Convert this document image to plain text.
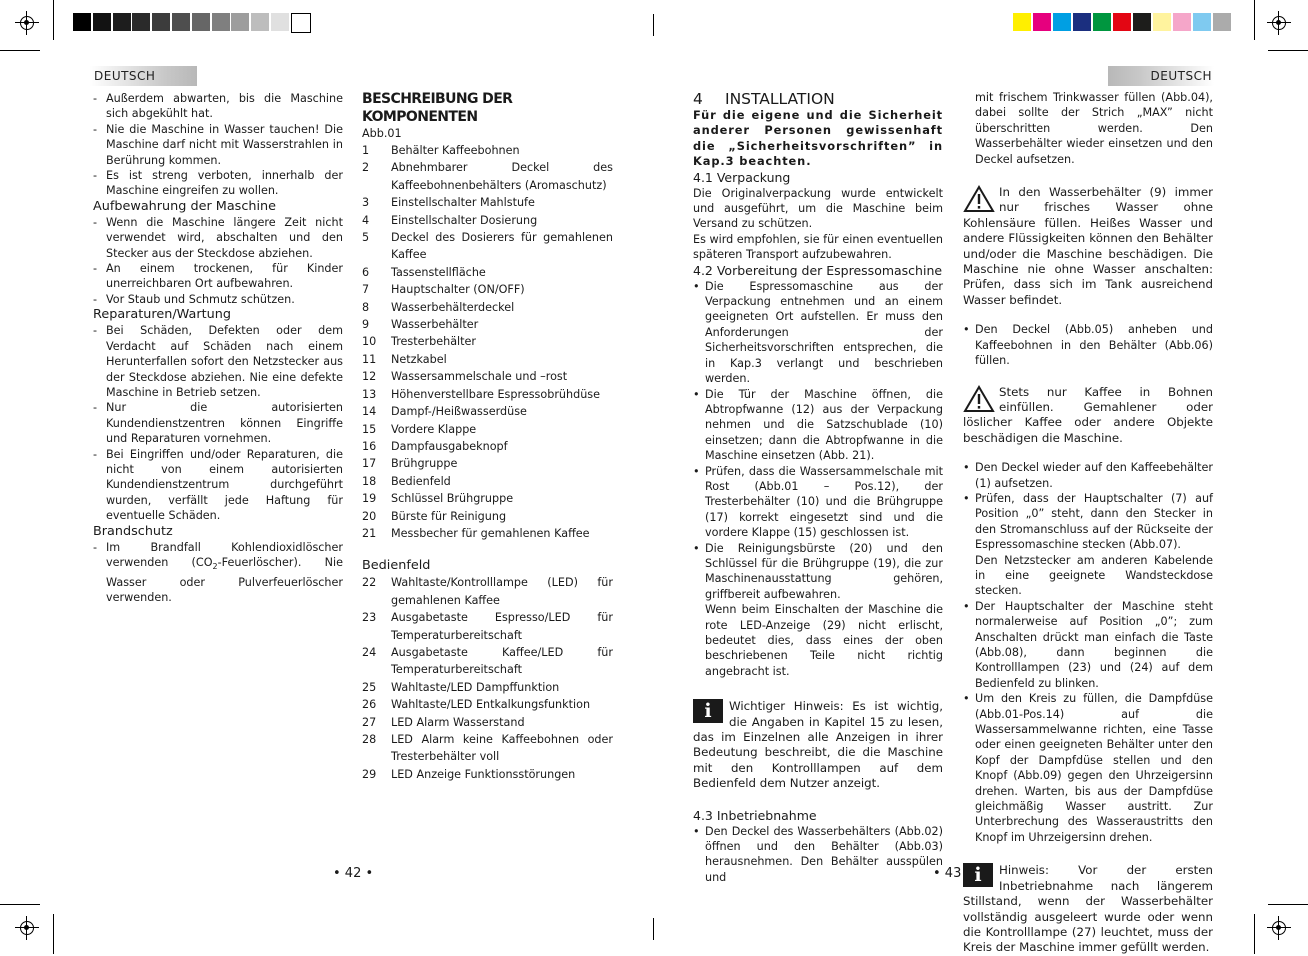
DEUTSCH	DEUTSCH
- Außerdem abwarten, bis die Maschine sich abgekühlt hat.
- Nie die Maschine in Wasser tauchen! Die Maschine darf nicht mit Wasserstrahlen in Berührung kommen.
- Es ist streng verboten, innerhalb der Maschine eingreifen zu wollen.

Aufbewahrung der Maschine

- Wenn die Maschine längere Zeit nicht verwendet wird, abschalten und den Stecker aus der Steckdose abziehen.
- An einem trockenen, für Kinder unerreichbaren Ort aufbewahren.
- Vor Staub und Schmutz schützen.

Reparaturen/Wartung

- Bei Schäden, Defekten oder dem Verdacht auf Schäden nach einem Herunterfallen sofort den Netzstecker aus der Steckdose abziehen. Nie eine defekte Maschine in Betrieb setzen.
- Nur die autorisierten Kundendienstzentren können Eingriffe und Reparaturen vornehmen.
- Bei Eingriffen und/oder Reparaturen, die nicht von einem autorisierten Kundendienstzentrum durchgeführt wurden, verfällt jede Haftung für eventuelle Schäden.

Brandschutz

- Im Brandfall Kohlendioxidlöscher verwenden $(CO_2-Feuerlöscher)$. Nie Wasser oder Pulverfeuerlöscher verwenden.

BESCHREIBUNG DER KOMPONENTEN

Abb.01

1	Behälter Kaffeebohnen
2	Abnehmbarer Deckel des Kaffeebohnenbehälters (Aromaschutz)
3	Einstellschalter Mahlstufe
4	Einstellschalter Dosierung
5	Deckel des Dosierers für gemahlenen Kaffee
6	Tassenstellfläche
7	Hauptschalter (ON/OFF)
8	Wasserbehälterdeckel
9	Wasserbehälter
10	Tresterbehälter
11	Netzkabel
12	Wassersammelschale und –rost
13	Höhenverstellbare Espressobrühdüse
14	Dampf-/Heißwasserdüse
15	Vordere Klappe
16	Dampfausgabeknopf
17	Brühgruppe
18	Bedienfeld
19	Schlüssel Brühgruppe
20	Bürste für Reinigung
21	Messbecher für gemahlenen Kaffee

Bedienfeld

22	Wahltaste/Kontrolllampe (LED) für gemahlenen Kaffee
23	Ausgabetaste Espresso/LED für Temperaturbereitschaft
24	Ausgabetaste Kaffee/LED für Temperaturbereitschaft
25	Wahltaste/LED Dampffunktion
26	Wahltaste/LED Entkalkungsfunktion
27	LED Alarm Wasserstand
28	LED Alarm keine Kaffeebohnen oder Tresterbehälter voll
29	LED Anzeige Funktionsstörungen

4 INSTALLATION

Für die eigene und die Sicherheit anderer Personen gewissenhaft die „Sicherheitsvorschriften” in Kap.3 beachten.

4.1 Verpackung

Die Originalverpackung wurde entwickelt und ausgeführt, um die Maschine beim Versand zu schützen.

Es wird empfohlen, sie für einen eventuellen späteren Transport aufzubewahren.

4.2 Vorbereitung der Espressomaschine

• Die Espressomaschine aus der Verpackung entnehmen und an einem geeigneten Ort aufstellen. Er muss den Anforderungen der Sicherheitsvorschriften entsprechen, die in Kap.3 verlangt und beschrieben werden.
• Die Tür der Maschine öffnen, die Abtropfwanne (12) aus der Verpackung nehmen und die Satzschublade (10) einsetzen; dann die Abtropfwanne in die Maschine einsetzen (Abb. 21).
• Prüfen, dass die Wassersammelschale mit Rost (Abb.01 – Pos.12), der Tresterbehälter (10) und die Brühgruppe (17) korrekt eingesetzt sind und die vordere Klappe (15) geschlossen ist.
• Die Reinigungsbürste (20) und den Schlüssel für die Brühgruppe (19), die zur Maschinenausstattung gehören, griffbereit aufbewahren.

Wenn beim Einschalten der Maschine die rote LED-Anzeige (29) nicht erlischt, bedeutet dies, dass eines der oben beschriebenen Teile nicht richtig angebracht ist.

i	Wichtiger Hinweis: Es ist wichtig, die Angaben in Kapitel 15 zu lesen, das im Einzelnen alle Anzeigen in ihrer Bedeutung beschreibt, die die Maschine mit den Kontrolllampen auf dem Bedienfeld dem Nutzer anzeigt.

4.3 Inbetriebnahme

• Den Deckel des Wasserbehälters (Abb.02) öffnen und den Behälter (Abb.03) herausnehmen. Den Behälter ausspülen und

mit frischem Trinkwasser füllen (Abb.04), dabei sollte der Strich „MAX” nicht überschritten werden. Den Wasserbehälter wieder einsetzen und den Deckel aufsetzen.

In den Wasserbehälter (9) immer nur frisches Wasser ohne Kohlensäure füllen. Heißes Wasser und andere Flüssigkeiten können den Behälter und/oder die Maschine beschädigen. Die Maschine nie ohne Wasser anschalten: Prüfen, dass sich im Tank ausreichend Wasser befindet.
• Den Deckel (Abb.05) anheben und Kaffeebohnen in den Behälter (Abb.06) füllen.
Stets nur Kaffee in Bohnen einfüllen. Gemahlener oder löslicher Kaffee oder andere Objekte beschädigen die Maschine.
• Den Deckel wieder auf den Kaffeebehälter (1) aufsetzen.
• Prüfen, dass der Hauptschalter (7) auf Position „0” steht, dann den Stecker in den Stromanschluss auf der Rückseite der Espressomaschine stecken (Abb.07).
Den Netzstecker am anderen Kabelende in eine geeignete Wandsteckdose stecken.
• Der Hauptschalter der Maschine steht normalerweise auf Position „0”; zum Anschalten drückt man einfach die Taste (Abb.08), dann beginnen die Kontrolllampen (23) und (24) auf dem Bedienfeld zu blinken.
• Um den Kreis zu füllen, die Dampfdüse (Abb.01-Pos.14) auf die Wassersammelwanne richten, eine Tasse oder einen geeigneten Behälter unter den Kopf der Dampfdüse stellen und den Knopf (Abb.09) gegen den Uhrzeigersinn drehen. Warten, bis aus der Dampfdüse gleichmäßig Wasser austritt. Zur Unterbrechung des Wasseraustritts den Knopf im Uhrzeigersinn drehen.
i	Hinweis: Vor der ersten Inbetriebnahme nach längerem Stillstand, wenn der Wasserbehälter vollständig ausgeleert wurde oder wenn die Kontrolllampe (27) leuchtet, muss der Kreis der Maschine immer gefüllt werden.
• 42 •	• 43 •
